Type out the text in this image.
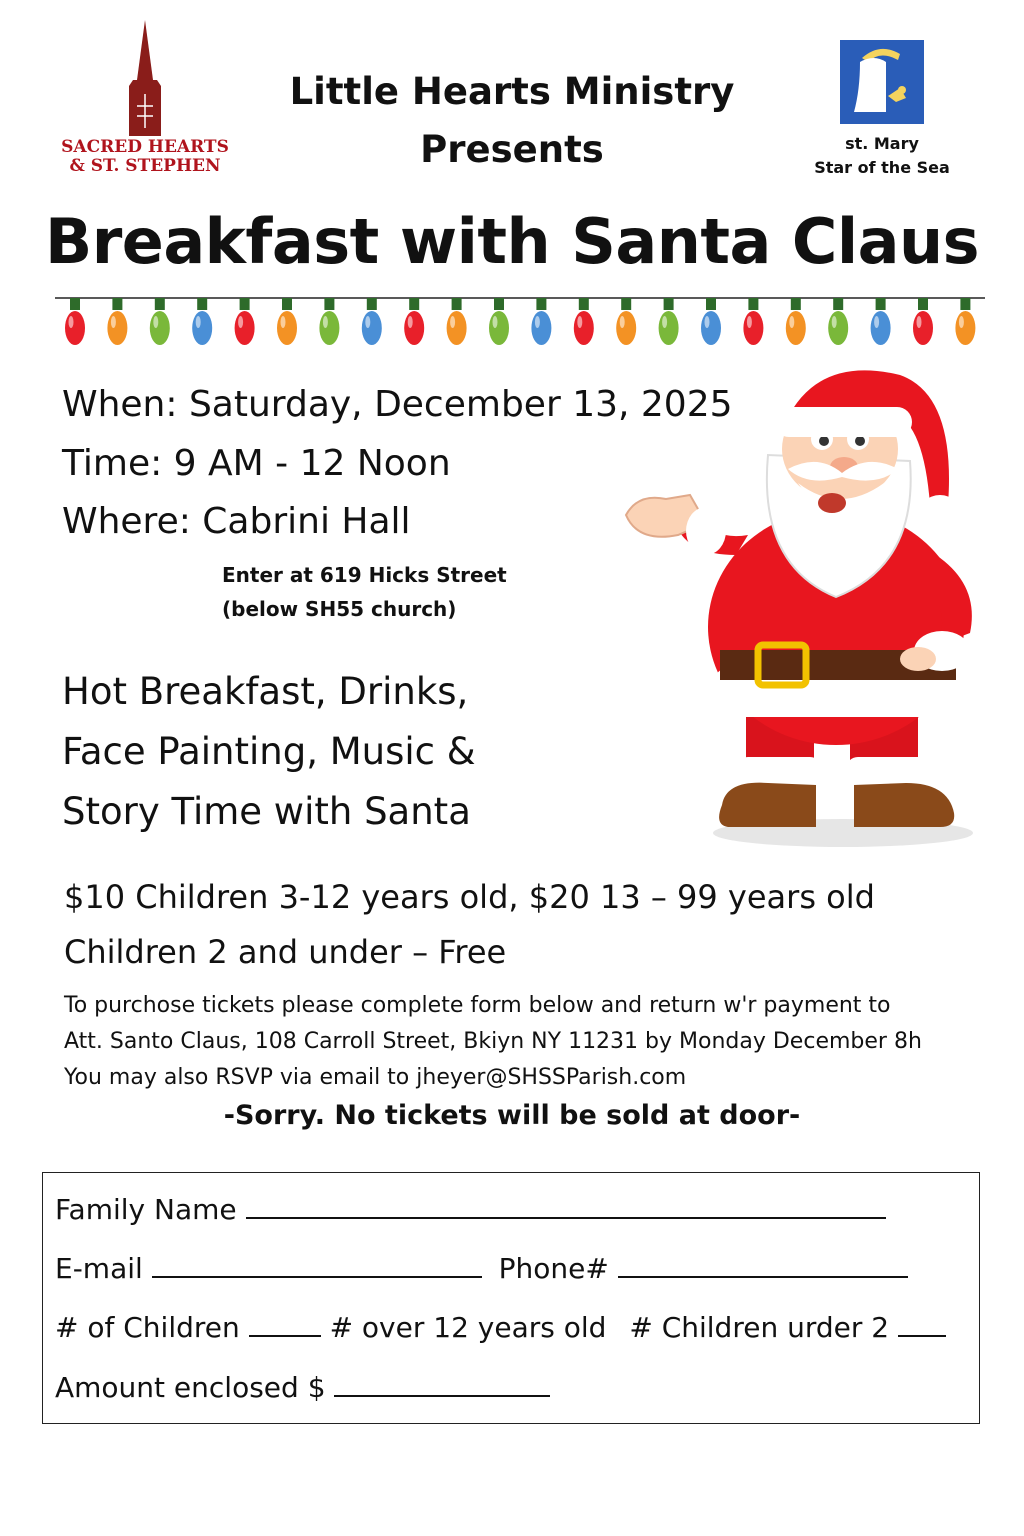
SACRED HEARTS
& ST. STEPHEN
Little Hearts Ministry
Presents	st. Mary
Star of the Sea
Breakfast with Santa Claus
When: Saturday, December 13, 2025
Time: 9 AM - 12 Noon
Where: Cabrini Hall
Enter at 619 Hicks Street
(below SH55 church)
Hot Breakfast, Drinks,
Face Painting, Music &
Story Time with Santa
$10 Children 3-12 years old, $20 13 – 99 years old
Children 2 and under – Free
To purchose tickets please complete form below and return w'r payment to
Att. Santo Claus, 108 Carroll Street, Bkiyn NY 11231 by Monday December 8h
You may also RSVP via email to jheyer@SHSSParish.com
-Sorry. No tickets will be sold at door-
Family Name
E-mail	Phone#
# of Children	# over 12 years old # Children urder 2
Amount enclosed $
